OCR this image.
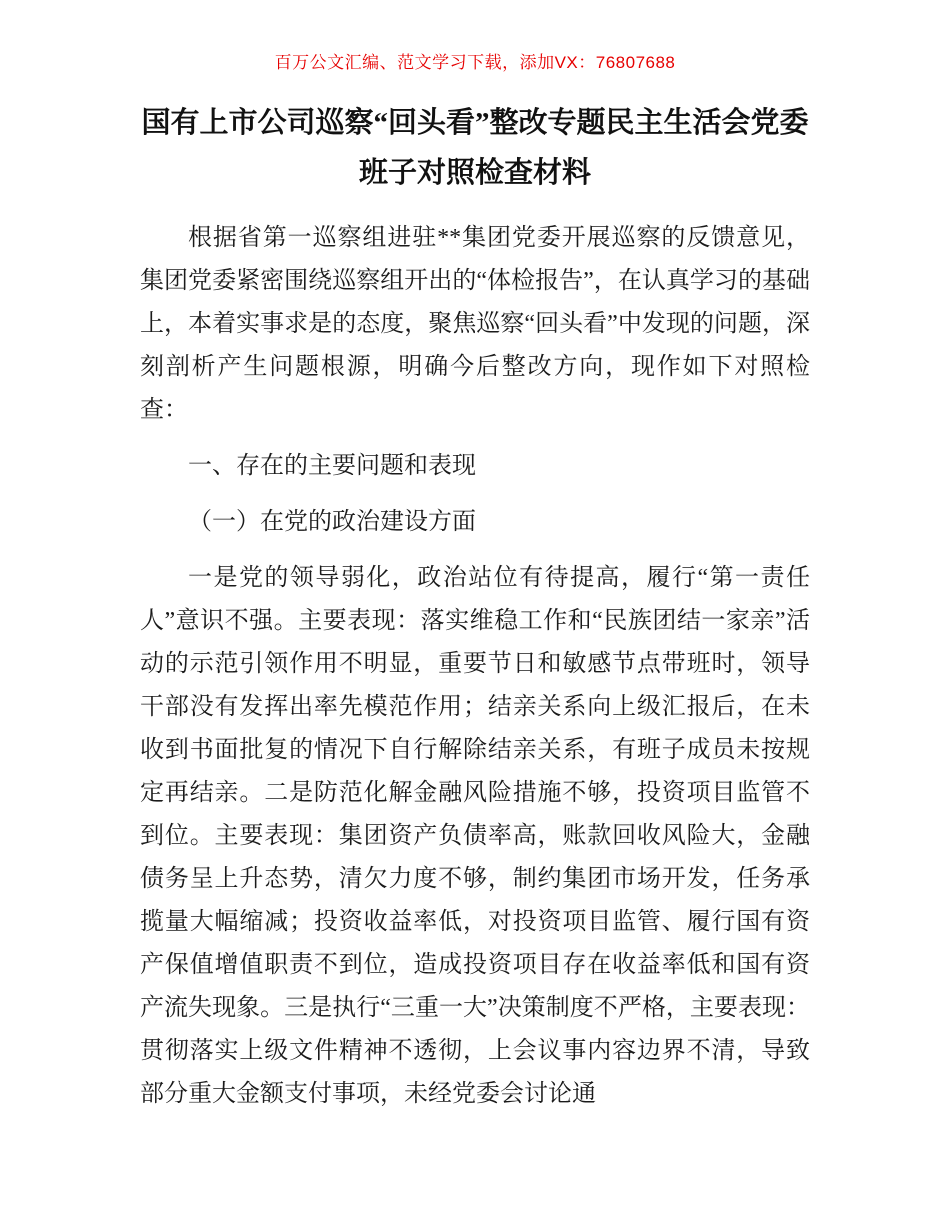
百万公文汇编、范文学习下载，添加VX：76807688
国有上市公司巡察“回头看”整改专题民主生活会党委班子对照检查材料

根据省第一巡察组进驻**集团党委开展巡察的反馈意见，集团党委紧密围绕巡察组开出的“体检报告”，在认真学习的基础上，本着实事求是的态度，聚焦巡察“回头看”中发现的问题，深刻剖析产生问题根源，明确今后整改方向，现作如下对照检查：

一、存在的主要问题和表现

（一）在党的政治建设方面

一是党的领导弱化，政治站位有待提高，履行“第一责任人”意识不强。主要表现：落实维稳工作和“民族团结一家亲”活动的示范引领作用不明显，重要节日和敏感节点带班时，领导干部没有发挥出率先模范作用；结亲关系向上级汇报后，在未收到书面批复的情况下自行解除结亲关系，有班子成员未按规定再结亲。二是防范化解金融风险措施不够，投资项目监管不到位。主要表现：集团资产负债率高，账款回收风险大，金融债务呈上升态势，清欠力度不够，制约集团市场开发，任务承揽量大幅缩减；投资收益率低，对投资项目监管、履行国有资产保值增值职责不到位，造成投资项目存在收益率低和国有资产流失现象。三是执行“三重一大”决策制度不严格，主要表现：贯彻落实上级文件精神不透彻，上会议事内容边界不清，导致部分重大金额支付事项，未经党委会讨论通
